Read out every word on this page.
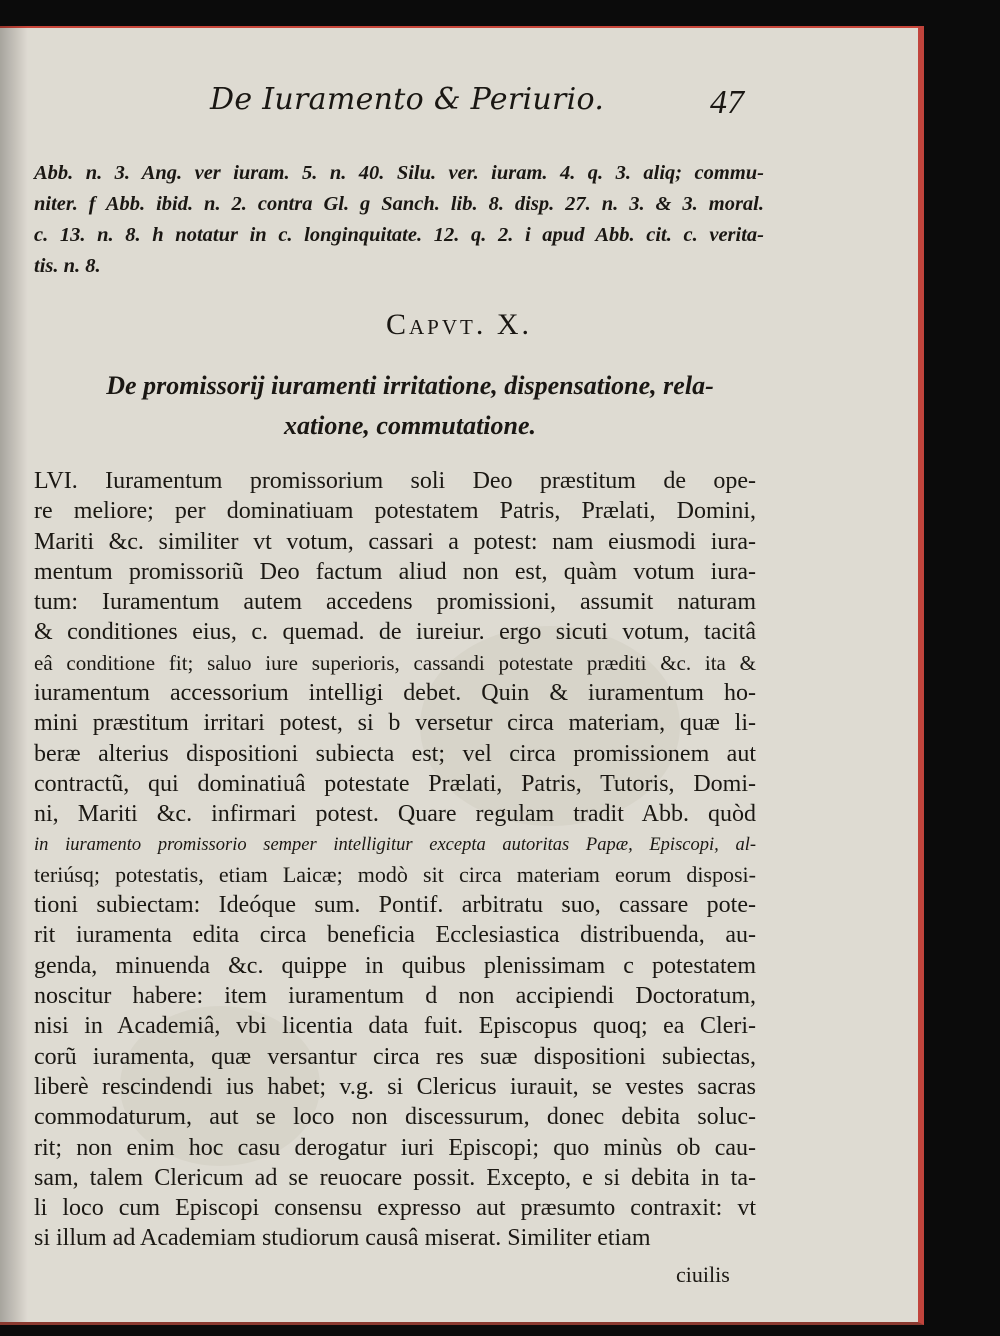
De Iuramento & Periurio.	47
Abb. n. 3. Ang. ver iuram. 5. n. 40. Silu. ver. iuram. 4. q. 3. aliq; commu-
niter. f Abb. ibid. n. 2. contra Gl. g Sanch. lib. 8. disp. 27. n. 3. & 3. moral.
c. 13. n. 8. h notatur in c. longinquitate. 12. q. 2. i apud Abb. cit. c. verita-
tis. n. 8.
Capvt. X.
De promissorij iuramenti irritatione, dispensatione, rela-
xatione, commutatione.
LVI. Iuramentum promissorium soli Deo præstitum de ope-
re meliore; per dominatiuam potestatem Patris, Prælati, Domini,
Mariti &c. similiter vt votum, cassari a potest: nam eiusmodi iura-
mentum promissoriũ Deo factum aliud non est, quàm votum iura-
tum: Iuramentum autem accedens promissioni, assumit naturam
& conditiones eius, c. quemad. de iureiur. ergo sicuti votum, tacitâ
eâ conditione fit; saluo iure superioris, cassandi potestate præditi &c. ita &
iuramentum accessorium intelligi debet. Quin & iuramentum ho-
mini præstitum irritari potest, si b versetur circa materiam, quæ li-
beræ alterius dispositioni subiecta est; vel circa promissionem aut
contractũ, qui dominatiuâ potestate Prælati, Patris, Tutoris, Domi-
ni, Mariti &c. infirmari potest. Quare regulam tradit Abb. quòd
in iuramento promissorio semper intelligitur excepta autoritas Papæ, Episcopi, al-
teriúsq; potestatis, etiam Laicæ; modò sit circa materiam eorum disposi-
tioni subiectam: Ideóque sum. Pontif. arbitratu suo, cassare pote-
rit iuramenta edita circa beneficia Ecclesiastica distribuenda, au-
genda, minuenda &c. quippe in quibus plenissimam c potestatem
noscitur habere: item iuramentum d non accipiendi Doctoratum,
nisi in Academiâ, vbi licentia data fuit. Episcopus quoq; ea Cleri-
corũ iuramenta, quæ versantur circa res suæ dispositioni subiectas,
liberè rescindendi ius habet; v.g. si Clericus iurauit, se vestes sacras
commodaturum, aut se loco non discessurum, donec debita soluc-
rit; non enim hoc casu derogatur iuri Episcopi; quo minùs ob cau-
sam, talem Clericum ad se reuocare possit. Excepto, e si debita in ta-
li loco cum Episcopi consensu expresso aut præsumto contraxit: vt
si illum ad Academiam studiorum causâ miserat. Similiter etiam
ciuilis
